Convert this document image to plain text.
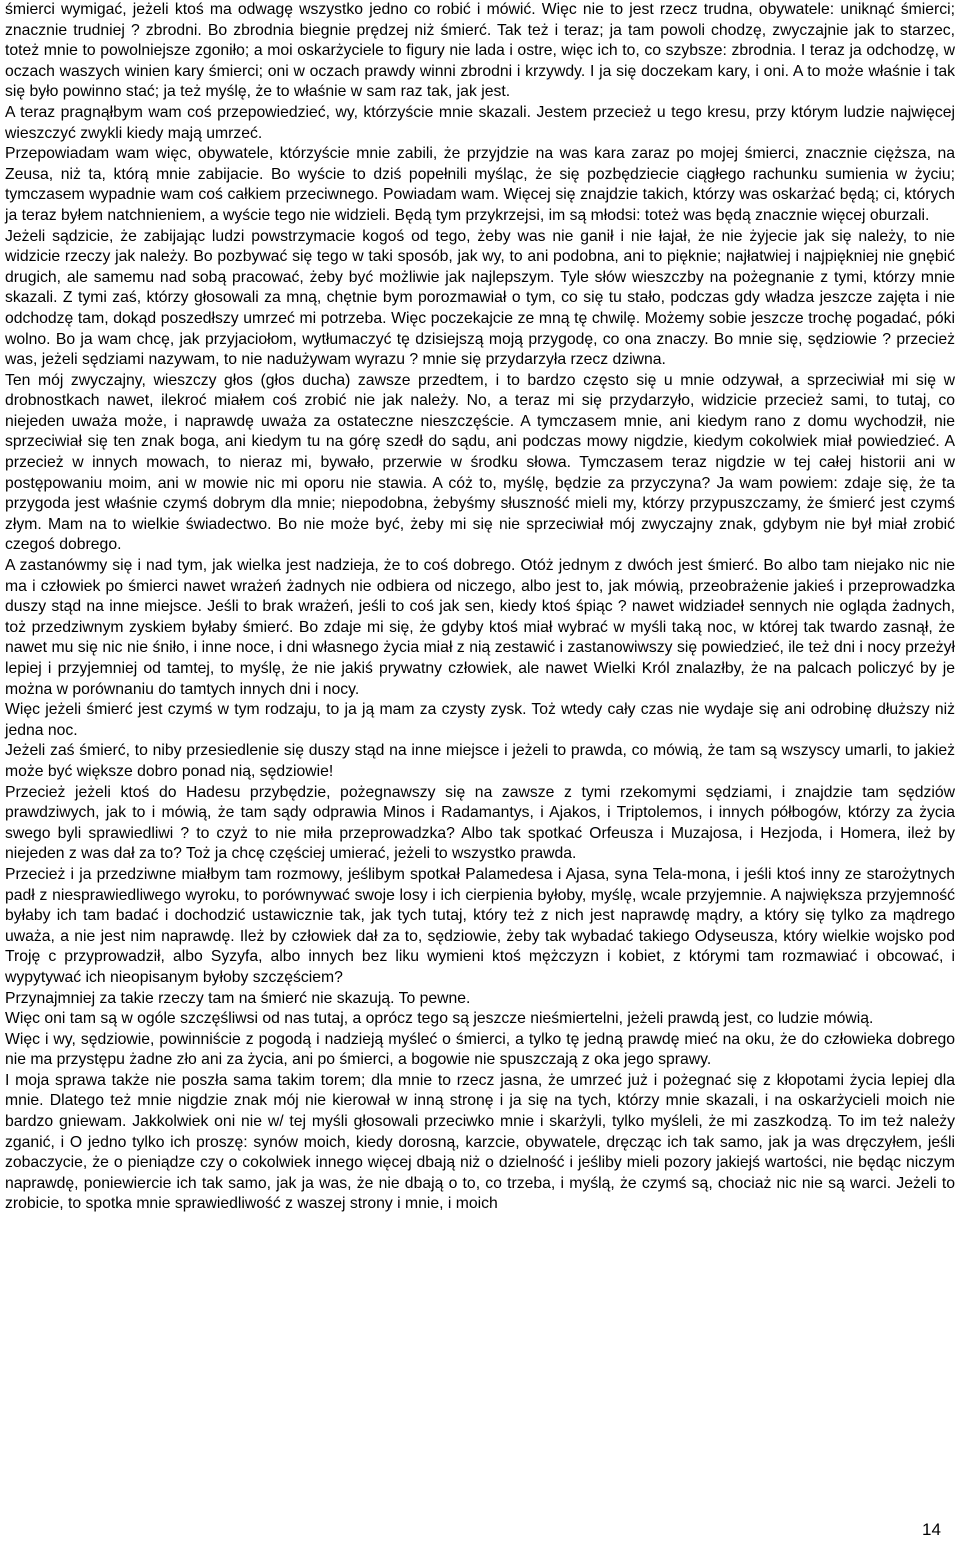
śmierci wymigać, jeżeli ktoś ma odwagę wszystko jedno co robić i mówić. Więc nie to jest rzecz trudna, obywatele: uniknąć śmierci; znacznie trudniej ? zbrodni. Bo zbrodnia biegnie prędzej niż śmierć. Tak też i teraz; ja tam powoli chodzę, zwyczajnie jak to starzec, toteż mnie to powolniejsze zgoniło; a moi oskarżyciele to figury nie lada i ostre, więc ich to, co szybsze: zbrodnia. I teraz ja odchodzę, w oczach waszych winien kary śmierci; oni w oczach prawdy winni zbrodni i krzywdy. I ja się doczekam kary, i oni. A to może właśnie i tak się było powinno stać; ja też myślę, że to właśnie w sam raz tak, jak jest.

A teraz pragnąłbym wam coś przepowiedzieć, wy, którzyście mnie skazali. Jestem przecież u tego kresu, przy którym ludzie najwięcej wieszczyć zwykli kiedy mają umrzeć.

Przepowiadam wam więc, obywatele, którzyście mnie zabili, że przyjdzie na was kara zaraz po mojej śmierci, znacznie cięższa, na Zeusa, niż ta, którą mnie zabijacie. Bo wyście to dziś popełnili myśląc, że się pozbędziecie ciągłego rachunku sumienia w życiu; tymczasem wypadnie wam coś całkiem przeciwnego. Powiadam wam. Więcej się znajdzie takich, którzy was oskarżać będą; ci, których ja teraz byłem natchnieniem, a wyście tego nie widzieli. Będą tym przykrzejsi, im są młodsi: toteż was będą znacznie więcej oburzali.

Jeżeli sądzicie, że zabijając ludzi powstrzymacie kogoś od tego, żeby was nie ganił i nie łajał, że nie żyjecie jak się należy, to nie widzicie rzeczy jak należy. Bo pozbywać się tego w taki sposób, jak wy, to ani podobna, ani to pięknie; najłatwiej i najpiękniej nie gnębić drugich, ale samemu nad sobą pracować, żeby być możliwie jak najlepszym. Tyle słów wieszczby na pożegnanie z tymi, którzy mnie skazali. Z tymi zaś, którzy głosowali za mną, chętnie bym porozmawiał o tym, co się tu stało, podczas gdy władza jeszcze zajęta i nie odchodzę tam, dokąd poszedłszy umrzeć mi potrzeba. Więc poczekajcie ze mną tę chwilę. Możemy sobie jeszcze trochę pogadać, póki wolno. Bo ja wam chcę, jak przyjaciołom, wytłumaczyć tę dzisiejszą moją przygodę, co ona znaczy. Bo mnie się, sędziowie ? przecież was, jeżeli sędziami nazywam, to nie nadużywam wyrazu ? mnie się przydarzyła rzecz dziwna.

Ten mój zwyczajny, wieszczy głos (głos ducha) zawsze przedtem, i to bardzo często się u mnie odzywał, a sprzeciwiał mi się w drobnostkach nawet, ilekroć miałem coś zrobić nie jak należy. No, a teraz mi się przydarzyło, widzicie przecież sami, to tutaj, co niejeden uważa może, i naprawdę uważa za ostateczne nieszczęście. A tymczasem mnie, ani kiedym rano z domu wychodził, nie sprzeciwiał się ten znak boga, ani kiedym tu na górę szedł do sądu, ani podczas mowy nigdzie, kiedym cokolwiek miał powiedzieć. A przecież w innych mowach, to nieraz mi, bywało, przerwie w środku słowa. Tymczasem teraz nigdzie w tej całej historii ani w postępowaniu moim, ani w mowie nic mi oporu nie stawia. A cóż to, myślę, będzie za przyczyna? Ja wam powiem: zdaje się, że ta przygoda jest właśnie czymś dobrym dla mnie; niepodobna, żebyśmy słuszność mieli my, którzy przypuszczamy, że śmierć jest czymś złym. Mam na to wielkie świadectwo. Bo nie może być, żeby mi się nie sprzeciwiał mój zwyczajny znak, gdybym nie był miał zrobić czegoś dobrego.

A zastanówmy się i nad tym, jak wielka jest nadzieja, że to coś dobrego. Otóż jednym z dwóch jest śmierć. Bo albo tam niejako nic nie ma i człowiek po śmierci nawet wrażeń żadnych nie odbiera od niczego, albo jest to, jak mówią, przeobrażenie jakieś i przeprowadzka duszy stąd na inne miejsce. Jeśli to brak wrażeń, jeśli to coś jak sen, kiedy ktoś śpiąc ? nawet widziadeł sennych nie oglądа żadnych, toż przedziwnym zyskiem byłaby śmierć. Bo zdaje mi się, że gdyby ktoś miał wybrać w myśli taką noc, w której tak twardo zasnął, że nawet mu się nic nie śniło, i inne noce, i dni własnego życia miał z nią zestawić i zastanowiwszy się powiedzieć, ile też dni i nocy przeżył lepiej i przyjemniej od tamtej, to myślę, że nie jakiś prywatny człowiek, ale nawet Wielki Król znalazłby, że na palcach policzyć by je można w porównaniu do tamtych innych dni i nocy.

Więc jeżeli śmierć jest czymś w tym rodzaju, to ja ją mam za czysty zysk. Toż wtedy cały czas nie wydaje się ani odrobinę dłuższy niż jedna noc.

Jeżeli zaś śmierć, to niby przesiedlenie się duszy stąd na inne miejsce i jeżeli to prawda, co mówią, że tam są wszyscy umarli, to jakież może być większe dobro ponad nią, sędziowie!

Przecież jeżeli ktoś do Hadesu przybędzie, pożegnawszy się na zawsze z tymi rzekomymi sędziami, i znajdzie tam sędziów prawdziwych, jak to i mówią, że tam sądy odprawia Minos i Radamantys, i Ajakos, i Triptolemos, i innych półbogów, którzy za życia swego byli sprawiedliwi ? to czyż to nie miła przeprowadzka? Albo tak spotkać Orfeusza i Muzajosa, i Hezjoda, i Homera, ileż by niejeden z was dał za to? Toż ja chcę częściej umierać, jeżeli to wszystko prawda.

Przecież i ja przedziwne miałbym tam rozmowy, jeślibym spotkał Palamedesa i Ajasa, syna Tela-mona, i jeśli ktoś inny ze starożytnych padł z niesprawiedliwego wyroku, to porównywać swoje losy i ich cierpienia byłoby, myślę, wcale przyjemnie. A największa przyjemność byłaby ich tam badać i dochodzić ustawicznie tak, jak tych tutaj, który też z nich jest naprawdę mądry, a który się tylko za mądrego uważa, a nie jest nim naprawdę. Ileż by człowiek dał za to, sędziowie, żeby tak wybadać takiego Odyseusza, który wielkie wojsko pod Troję c przyprowadził, albo Syzyfa, albo innych bez liku wymieni ktoś mężczyzn i kobiet, z którymi tam rozmawiać i obcować, i wypytywać ich nieopisanym byłoby szczęściem?

Przynajmniej za takie rzeczy tam na śmierć nie skazują. To pewne.

Więc oni tam są w ogóle szczęśliwsi od nas tutaj, a oprócz tego są jeszcze nieśmiertelni, jeżeli prawdą jest, co ludzie mówią.

Więc i wy, sędziowie, powinniście z pogodą i nadzieją myśleć o śmierci, a tylko tę jedną prawdę mieć na oku, że do człowieka dobrego nie ma przystępu żadne zło ani za życia, ani po śmierci, a bogowie nie spuszczają z oka jego sprawy.

I moja sprawa także nie poszła sama takim torem; dla mnie to rzecz jasna, że umrzeć już i pożegnać się z kłopotami życia lepiej dla mnie. Dlatego też mnie nigdzie znak mój nie kierował w inną stronę i ja się na tych, którzy mnie skazali, i na oskarżycieli moich nie bardzo gniewam. Jakkolwiek oni nie w/ tej myśli głosowali przeciwko mnie i skarżyli, tylko myśleli, że mi zaszkodzą. To im też należy zganić, i O jedno tylko ich proszę: synów moich, kiedy dorosną, karzcie, obywatele, dręcząc ich tak samo, jak ja was dręczyłem, jeśli zobaczycie, że o pieniądze czy o cokolwiek innego więcej dbają niż o dzielność i jeśliby mieli pozory jakiejś wartości, nie będąc niczym naprawdę, poniewiercie ich tak samo, jak ja was, że nie dbają o to, co trzeba, i myślą, że czymś są, chociaż nic nie są warci. Jeżeli to zrobicie, to spotka mnie sprawiedliwość z waszej strony i mnie, i moich

14
